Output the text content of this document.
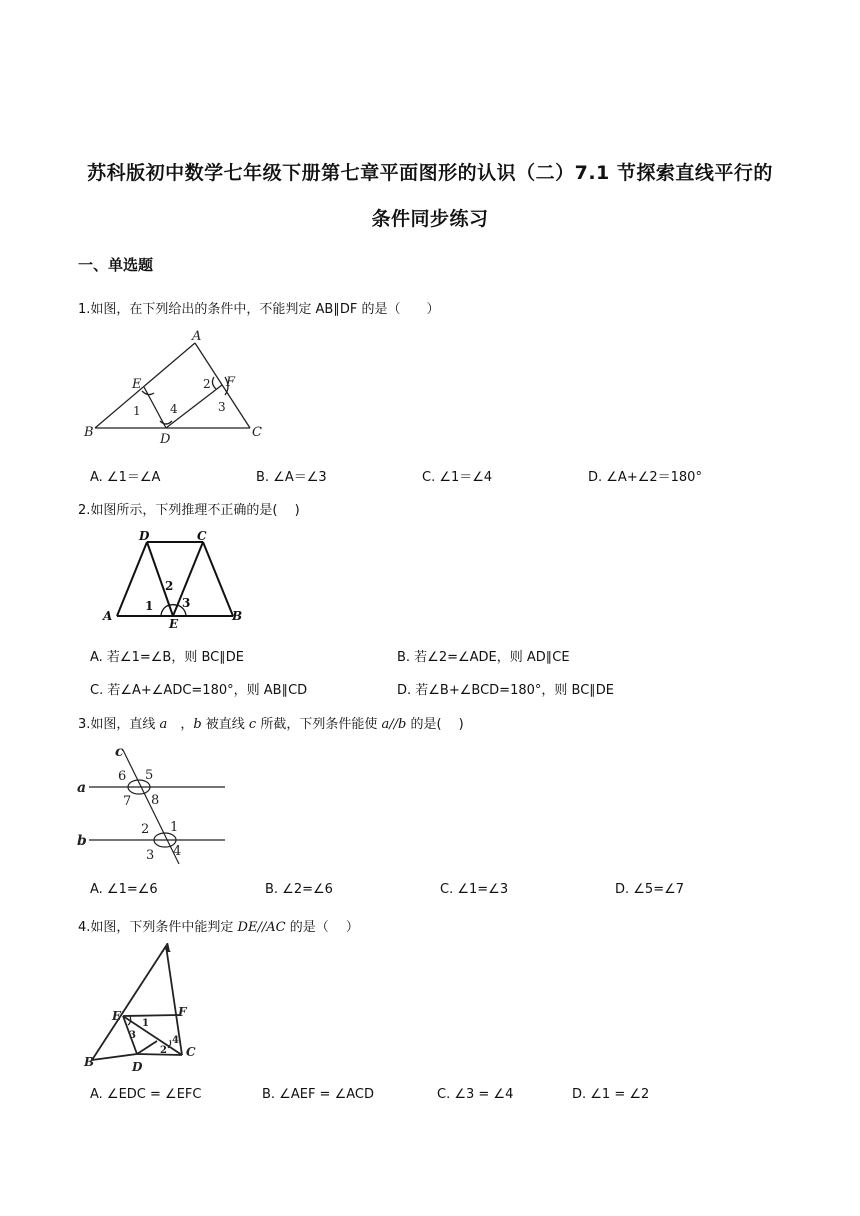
苏科版初中数学七年级下册第七章平面图形的认识（二）7.1 节探索直线平行的
条件同步练习
一、单选题
1.如图，在下列给出的条件中，不能判定 AB∥DF 的是（　　）
A
B	C
D
E	F
1
2
3
4
A. ∠1＝∠A	B. ∠A＝∠3	C. ∠1＝∠4	D. ∠A+∠2＝180°
2.如图所示，下列推理不正确的是(　 )
A	B
C
D
E
1
2
3
A. 若∠1=∠B，则 BC∥DE	B. 若∠2=∠ADE，则 AD∥CE
C. 若∠A+∠ADC=180°，则 AB∥CD	D. 若∠B+∠BCD=180°，则 BC∥DE
3.如图，直线 a　，b 被直线 c 所截，下列条件能使 a//b 的是(　 )
a
b
c
6 5
7 8
2 1
3 4
A. ∠1=∠6	B. ∠2=∠6	C. ∠1=∠3	D. ∠5=∠7
4.如图，下列条件中能判定 DE//AC 的是（　 ）
A
B
C
D
E	F
1
2
3	4
A. ∠EDC = ∠EFC	B. ∠AEF = ∠ACD	C. ∠3 = ∠4	D. ∠1 = ∠2
